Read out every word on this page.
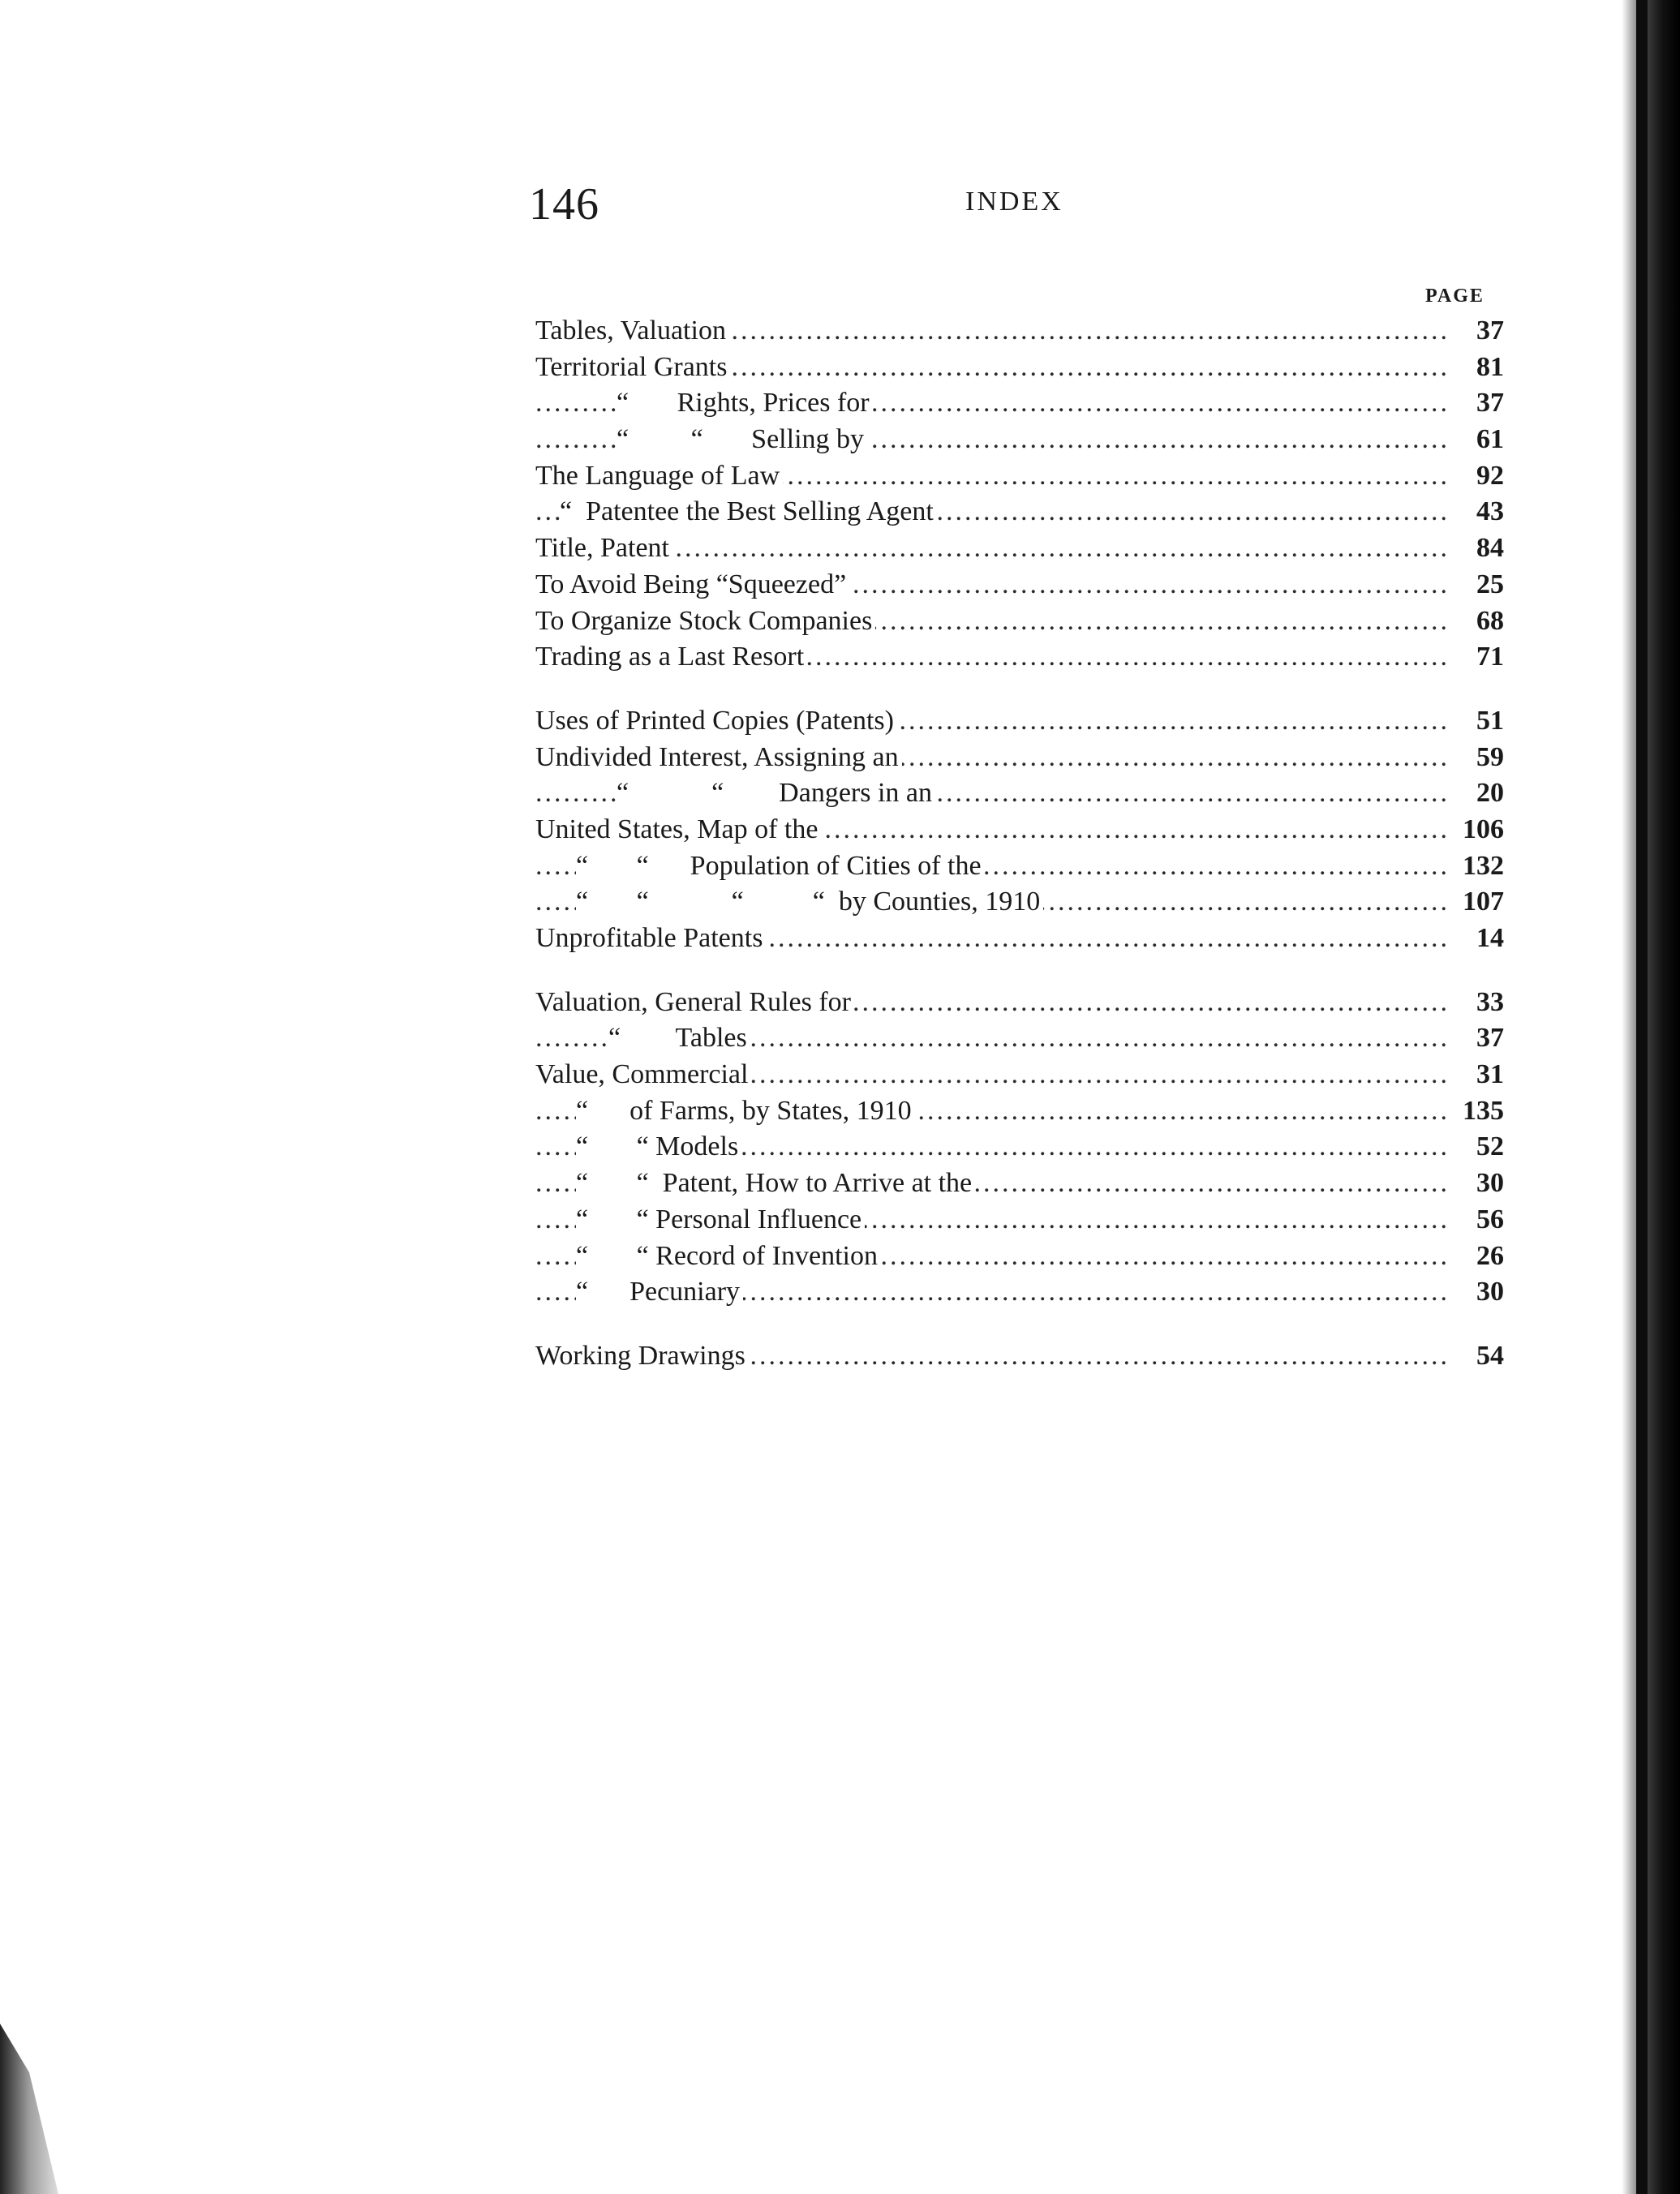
146	INDEX
PAGE
.....
Tables, Valuation	37
.....
Territorial Grants	81
.....
“       Rights, Prices for	37
.....
“         “       Selling by	61
.....
The Language of Law	92
.....
“  Patentee the Best Selling Agent	43
.....
Title, Patent	84
.....
To Avoid Being “Squeezed”	25
.....
To Organize Stock Companies	68
.....
Trading as a Last Resort	71
.....
Uses of Printed Copies (Patents)	51
.....
Undivided Interest, Assigning an	59
.....
“            “        Dangers in an	20
.....
United States, Map of the	106
.....
“       “      Population of Cities of the	132
.....
“       “            “          “  by Counties, 1910	107
.....
Unprofitable Patents	14
.....
Valuation, General Rules for	33
.....
“        Tables	37
.....
Value, Commercial	31
.....
“      of Farms, by States, 1910	135
.....
“       “ Models	52
.....
“       “  Patent, How to Arrive at the	30
.....
“       “ Personal Influence	56
.....
“       “ Record of Invention	26
.....
“      Pecuniary	30
.....
Working Drawings	54
